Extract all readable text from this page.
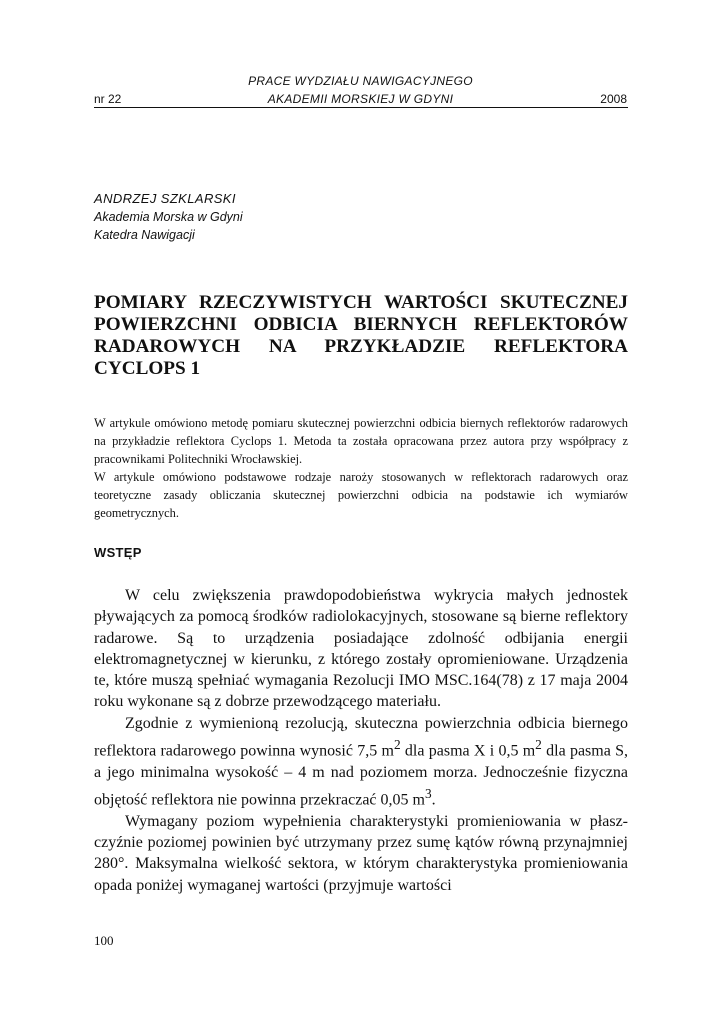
PRACE WYDZIAŁU NAWIGACYJNEGO
nr 22	AKADEMII MORSKIEJ W GDYNI	2008
ANDRZEJ SZKLARSKI
Akademia Morska w Gdyni
Katedra Nawigacji
POMIARY RZECZYWISTYCH WARTOŚCI SKUTECZNEJ POWIERZCHNI ODBICIA BIERNYCH REFLEKTORÓW RADAROWYCH NA PRZYKŁADZIE REFLEKTORA CYCLOPS 1

W artykule omówiono metodę pomiaru skutecznej powierzchni odbicia biernych reflektorów radarowych na przykładzie reflektora Cyclops 1. Metoda ta została opracowana przez autora przy współpracy z pracownikami Politechniki Wrocławskiej.

W artykule omówiono podstawowe rodzaje naroży stosowanych w reflektorach radarowych oraz teoretyczne zasady obliczania skutecznej powierzchni odbicia na podstawie ich wymiarów geometrycznych.

WSTĘP

W celu zwiększenia prawdopodobieństwa wykrycia małych jednostek pływających za pomocą środków radiolokacyjnych, stosowane są bierne reflektory radarowe. Są to urządzenia posiadające zdolność odbijania energii elektromagnetycznej w kierunku, z którego zostały opromieniowane. Urządzenia te, które muszą spełniać wymagania Rezolucji IMO MSC.164(78) z 17 maja 2004 roku wykonane są z dobrze przewodzącego materiału.

Zgodnie z wymienioną rezolucją, skuteczna powierzchnia odbicia biernego reflektora radarowego powinna wynosić 7,5 $m^2$ dla pasma X i 0,5 $m^2$ dla pasma S, a jego minimalna wysokość – 4 m nad poziomem morza. Jednocześnie fizyczna objętość reflektora nie powinna przekraczać 0,05 $m^3$.

Wymagany poziom wypełnienia charakterystyki promieniowania w płaszczyźnie poziomej powinien być utrzymany przez sumę kątów równą przynajmniej 280°. Maksymalna wielkość sektora, w którym charakterystyka promieniowania opada poniżej wymaganej wartości (przyjmuje wartości

100
